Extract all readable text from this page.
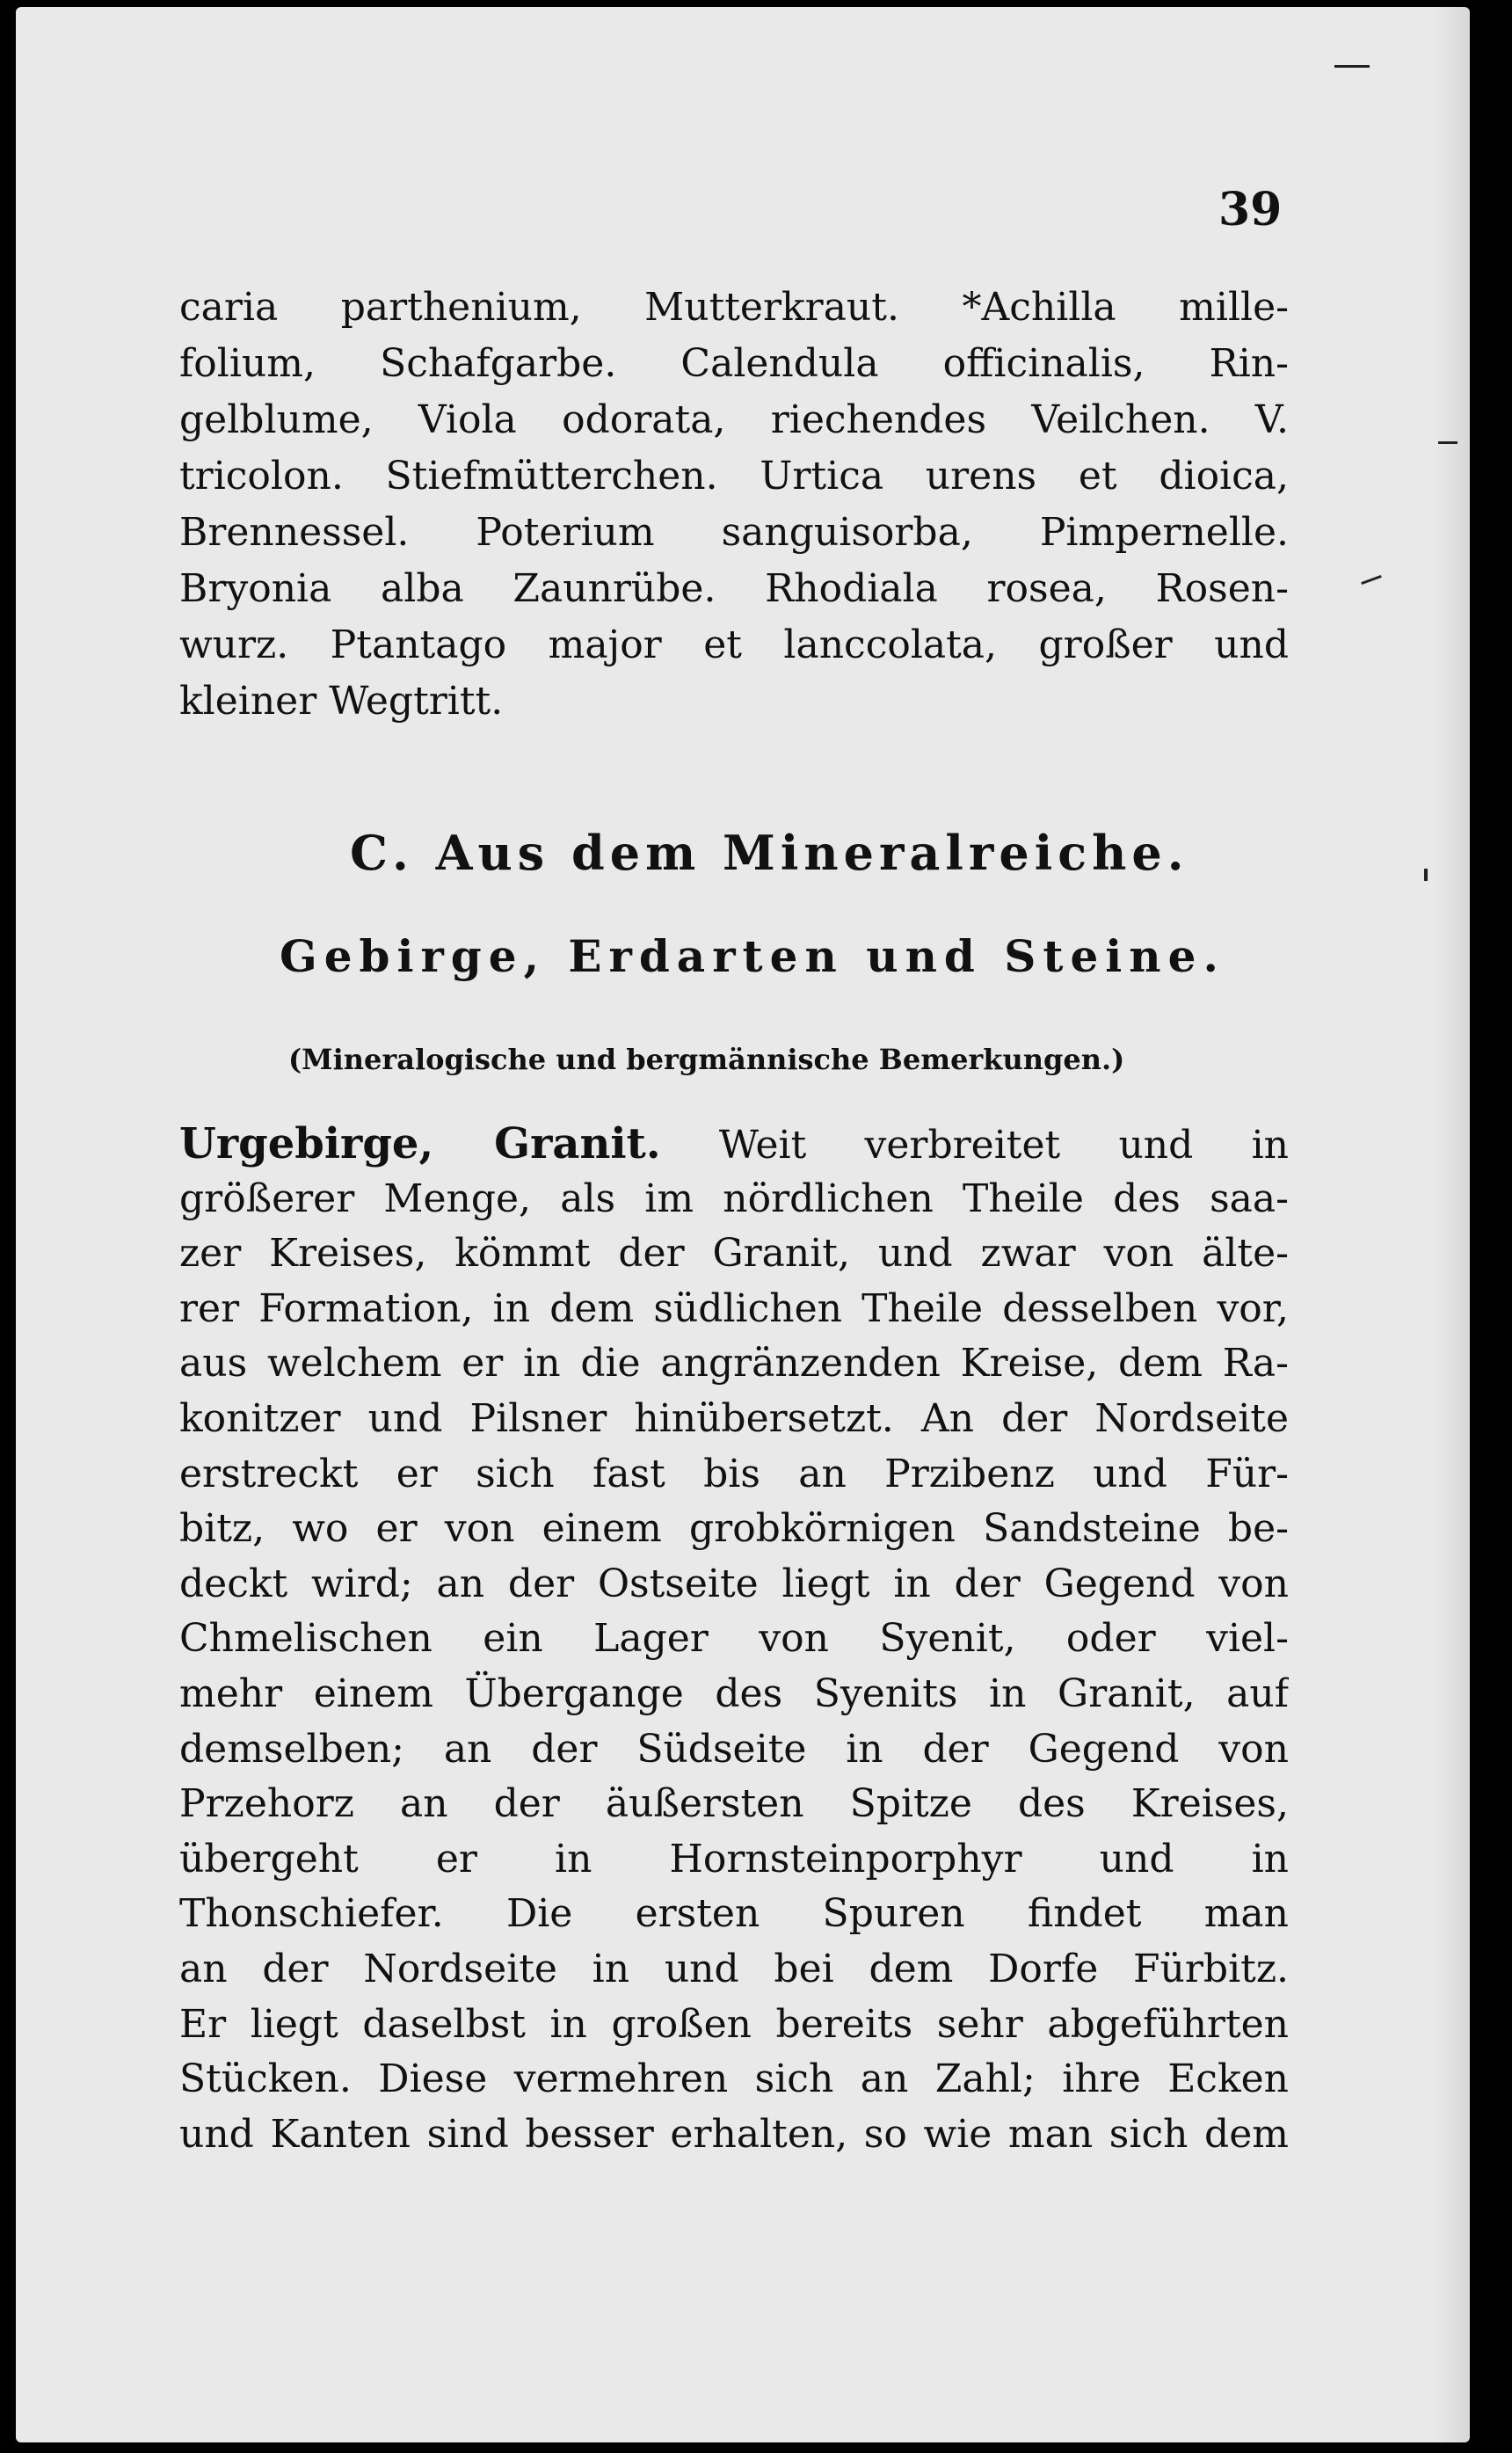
39
caria parthenium, Mutterkraut. *Achilla mille-
folium, Schafgarbe. Calendula officinalis, Rin-
gelblume, Viola odorata, riechendes Veilchen. V.
tricolon. Stiefmütterchen. Urtica urens et dioica,
Brennessel. Poterium sanguisorba, Pimpernelle.
Bryonia alba Zaunrübe. Rhodiala rosea, Rosen-
wurz. Ptantago major et lanccolata, großer und
kleiner Wegtritt.
C. Aus dem Mineralreiche.
Gebirge, Erdarten und Steine.
(Mineralogische und bergmännische Bemerkungen.)
Urgebirge, Granit. Weit verbreitet und in
größerer Menge, als im nördlichen Theile des saa-
zer Kreises, kömmt der Granit, und zwar von älte-
rer Formation, in dem südlichen Theile desselben vor,
aus welchem er in die angränzenden Kreise, dem Ra-
konitzer und Pilsner hinübersetzt. An der Nordseite
erstreckt er sich fast bis an Przibenz und Für-
bitz, wo er von einem grobkörnigen Sandsteine be-
deckt wird; an der Ostseite liegt in der Gegend von
Chmelischen ein Lager von Syenit, oder viel-
mehr einem Übergange des Syenits in Granit, auf
demselben; an der Südseite in der Gegend von
Przehorz an der äußersten Spitze des Kreises,
übergeht er in Hornsteinporphyr und in
Thonschiefer. Die ersten Spuren findet man
an der Nordseite in und bei dem Dorfe Fürbitz.
Er liegt daselbst in großen bereits sehr abgeführten
Stücken. Diese vermehren sich an Zahl; ihre Ecken
und Kanten sind besser erhalten, so wie man sich dem
